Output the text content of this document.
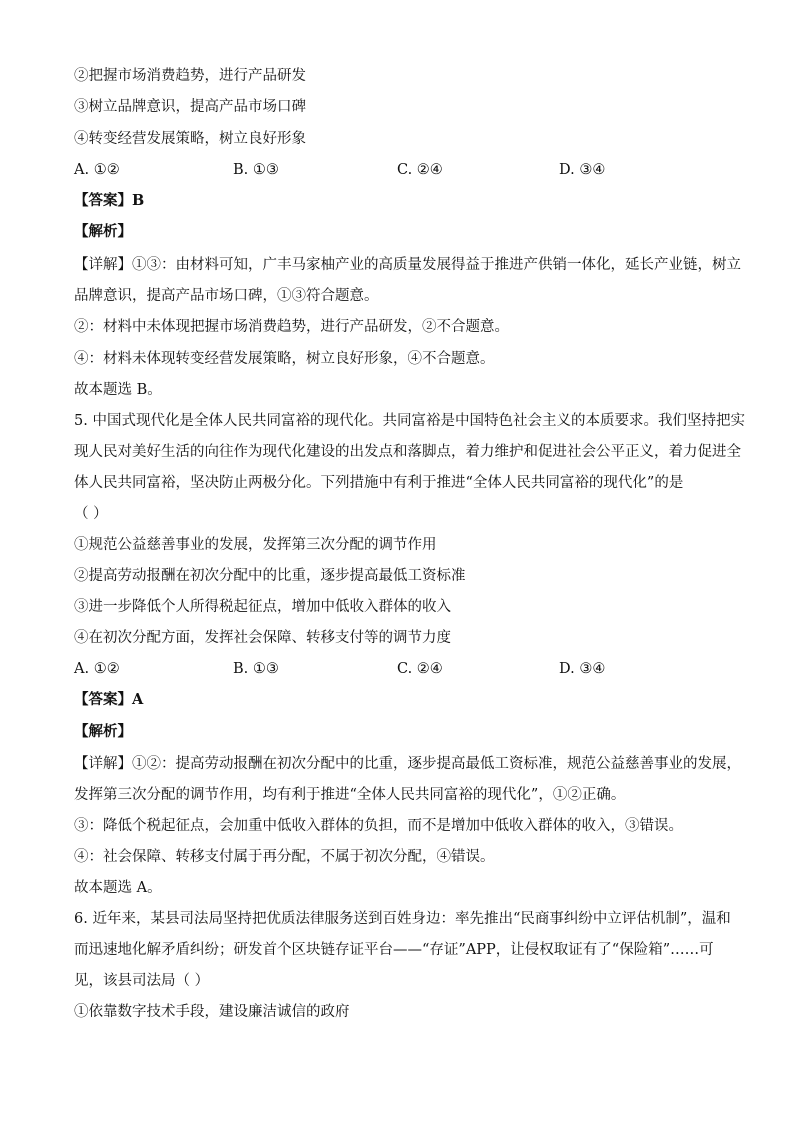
②把握市场消费趋势，进行产品研发
③树立品牌意识，提高产品市场口碑
④转变经营发展策略，树立良好形象
A. ①②	B. ①③	C. ②④	D. ③④
【答案】B
【解析】
【详解】①③：由材料可知，广丰马家柚产业的高质量发展得益于推进产供销一体化，延长产业链，树立
品牌意识，提高产品市场口碑，①③符合题意。
②：材料中未体现把握市场消费趋势，进行产品研发，②不合题意。
④：材料未体现转变经营发展策略，树立良好形象，④不合题意。
故本题选 B。
5. 中国式现代化是全体人民共同富裕的现代化。共同富裕是中国特色社会主义的本质要求。我们坚持把实
现人民对美好生活的向往作为现代化建设的出发点和落脚点，着力维护和促进社会公平正义，着力促进全
体人民共同富裕，坚决防止两极分化。下列措施中有利于推进“全体人民共同富裕的现代化”的是
（ ）
①规范公益慈善事业的发展，发挥第三次分配的调节作用
②提高劳动报酬在初次分配中的比重，逐步提高最低工资标准
③进一步降低个人所得税起征点，增加中低收入群体的收入
④在初次分配方面，发挥社会保障、转移支付等的调节力度
A. ①②	B. ①③	C. ②④	D. ③④
【答案】A
【解析】
【详解】①②：提高劳动报酬在初次分配中的比重，逐步提高最低工资标准，规范公益慈善事业的发展，
发挥第三次分配的调节作用，均有利于推进“全体人民共同富裕的现代化”，①②正确。
③：降低个税起征点，会加重中低收入群体的负担，而不是增加中低收入群体的收入，③错误。
④：社会保障、转移支付属于再分配，不属于初次分配，④错误。
故本题选 A。
6. 近年来，某县司法局坚持把优质法律服务送到百姓身边：率先推出“民商事纠纷中立评估机制”，温和
而迅速地化解矛盾纠纷；研发首个区块链存证平台——“存证”APP，让侵权取证有了“保险箱”……可
见，该县司法局（ ）
①依靠数字技术手段，建设廉洁诚信的政府
